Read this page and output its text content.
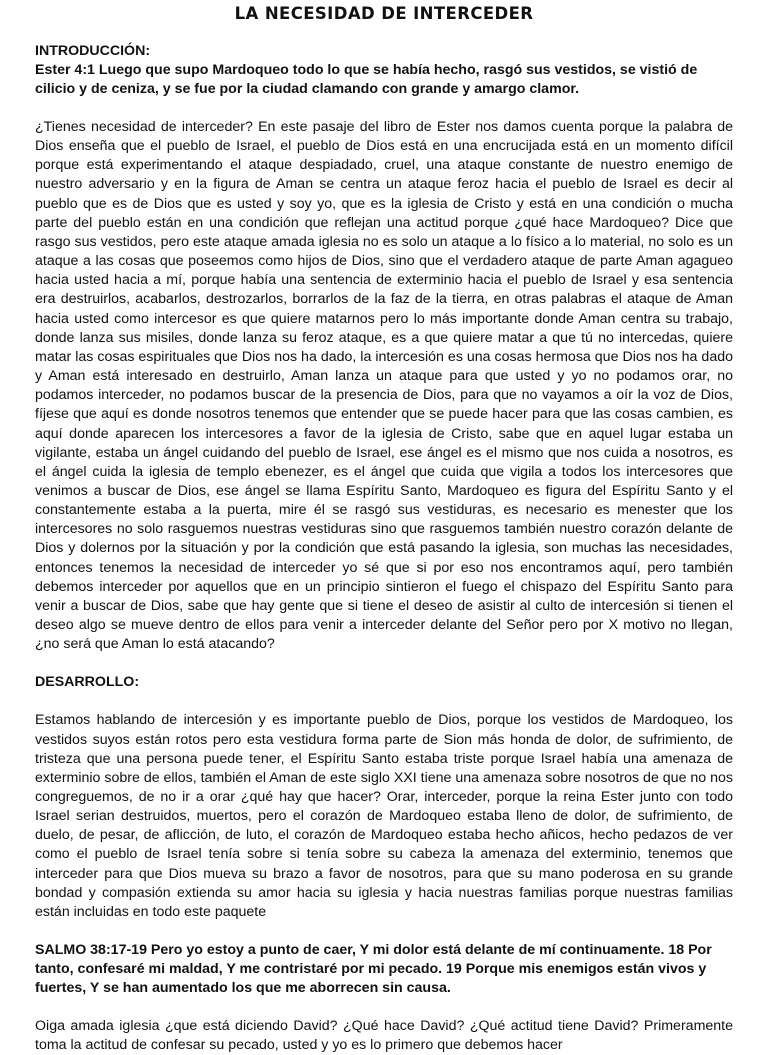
LA NECESIDAD DE INTERCEDER

INTRODUCCIÓN:

Ester 4:1 Luego que supo Mardoqueo todo lo que se había hecho, rasgó sus vestidos, se vistió de cilicio y de ceniza, y se fue por la ciudad clamando con grande y amargo clamor.

¿Tienes necesidad de interceder? En este pasaje del libro de Ester nos damos cuenta porque la palabra de Dios enseña que el pueblo de Israel, el pueblo de Dios está en una encrucijada está en un momento difícil porque está experimentando el ataque despiadado, cruel, una ataque constante de nuestro enemigo de nuestro adversario y en la figura de Aman se centra un ataque feroz hacia el pueblo de Israel es decir al pueblo que es de Dios que es usted y soy yo, que es la iglesia de Cristo y está en una condición o mucha parte del pueblo están en una condición que reflejan una actitud porque ¿qué hace Mardoqueo? Dice que rasgo sus vestidos, pero este ataque amada iglesia no es solo un ataque a lo físico a lo material, no solo es un ataque a las cosas que poseemos como hijos de Dios, sino que el verdadero ataque de parte Aman agagueo hacia usted hacia a mí, porque había una sentencia de exterminio hacia el pueblo de Israel y esa sentencia era destruirlos, acabarlos, destrozarlos, borrarlos de la faz de la tierra, en otras palabras el ataque de Aman hacia usted como intercesor es que quiere matarnos pero lo más importante donde Aman centra su trabajo, donde lanza sus misiles, donde lanza su feroz ataque, es a que quiere matar a que tú no intercedas, quiere matar las cosas espirituales que Dios nos ha dado, la intercesión es una cosas hermosa que Dios nos ha dado y Aman está interesado en destruirlo, Aman lanza un ataque para que usted y yo no podamos orar, no podamos interceder, no podamos buscar de la presencia de Dios, para que no vayamos a oír la voz de Dios, fíjese que aquí es donde nosotros tenemos que entender que se puede hacer para que las cosas cambien, es aquí donde aparecen los intercesores a favor de la iglesia de Cristo, sabe que en aquel lugar estaba un vigilante, estaba un ángel cuidando del pueblo de Israel, ese ángel es el mismo que nos cuida a nosotros, es el ángel cuida la iglesia de templo ebenezer, es el ángel que cuida que vigila a todos los intercesores que venimos a buscar de Dios, ese ángel se llama Espíritu Santo, Mardoqueo es figura del Espíritu Santo y el constantemente estaba a la puerta, mire él se rasgó sus vestiduras, es necesario es menester que los intercesores no solo rasguemos nuestras vestiduras sino que rasguemos también nuestro corazón delante de Dios y dolernos por la situación y por la condición que está pasando la iglesia, son muchas las necesidades, entonces tenemos la necesidad de interceder yo sé que si por eso nos encontramos aquí, pero también debemos interceder por aquellos que en un principio sintieron el fuego el chispazo del Espíritu Santo para venir a buscar de Dios, sabe que hay gente que si tiene el deseo de asistir al culto de intercesión si tienen el deseo algo se mueve dentro de ellos para venir a interceder delante del Señor pero por X motivo no llegan, ¿no será que Aman lo está atacando?

DESARROLLO:

Estamos hablando de intercesión y es importante pueblo de Dios, porque los vestidos de Mardoqueo, los vestidos suyos están rotos pero esta vestidura forma parte de Sion más honda de dolor, de sufrimiento, de tristeza que una persona puede tener, el Espíritu Santo estaba triste porque Israel había una amenaza de exterminio sobre de ellos, también el Aman de este siglo XXI tiene una amenaza sobre nosotros de que no nos congreguemos, de no ir a orar ¿qué hay que hacer? Orar, interceder, porque la reina Ester junto con todo Israel serian destruidos, muertos, pero el corazón de Mardoqueo estaba lleno de dolor, de sufrimiento, de duelo, de pesar, de aflicción, de luto, el corazón de Mardoqueo estaba hecho añicos, hecho pedazos de ver como el pueblo de Israel tenía sobre si tenía sobre su cabeza la amenaza del exterminio, tenemos que interceder para que Dios mueva su brazo a favor de nosotros, para que su mano poderosa en su grande bondad y compasión extienda su amor hacia su iglesia y hacia nuestras familias porque nuestras familias están incluidas en todo este paquete

SALMO 38:17-19 Pero yo estoy a punto de caer, Y mi dolor está delante de mí continuamente. 18 Por tanto, confesaré mi maldad, Y me contristaré por mi pecado. 19 Porque mis enemigos están vivos y fuertes, Y se han aumentado los que me aborrecen sin causa.

Oiga amada iglesia ¿que está diciendo David? ¿Qué hace David? ¿Qué actitud tiene David? Primeramente toma la actitud de confesar su pecado, usted y yo es lo primero que debemos hacer
